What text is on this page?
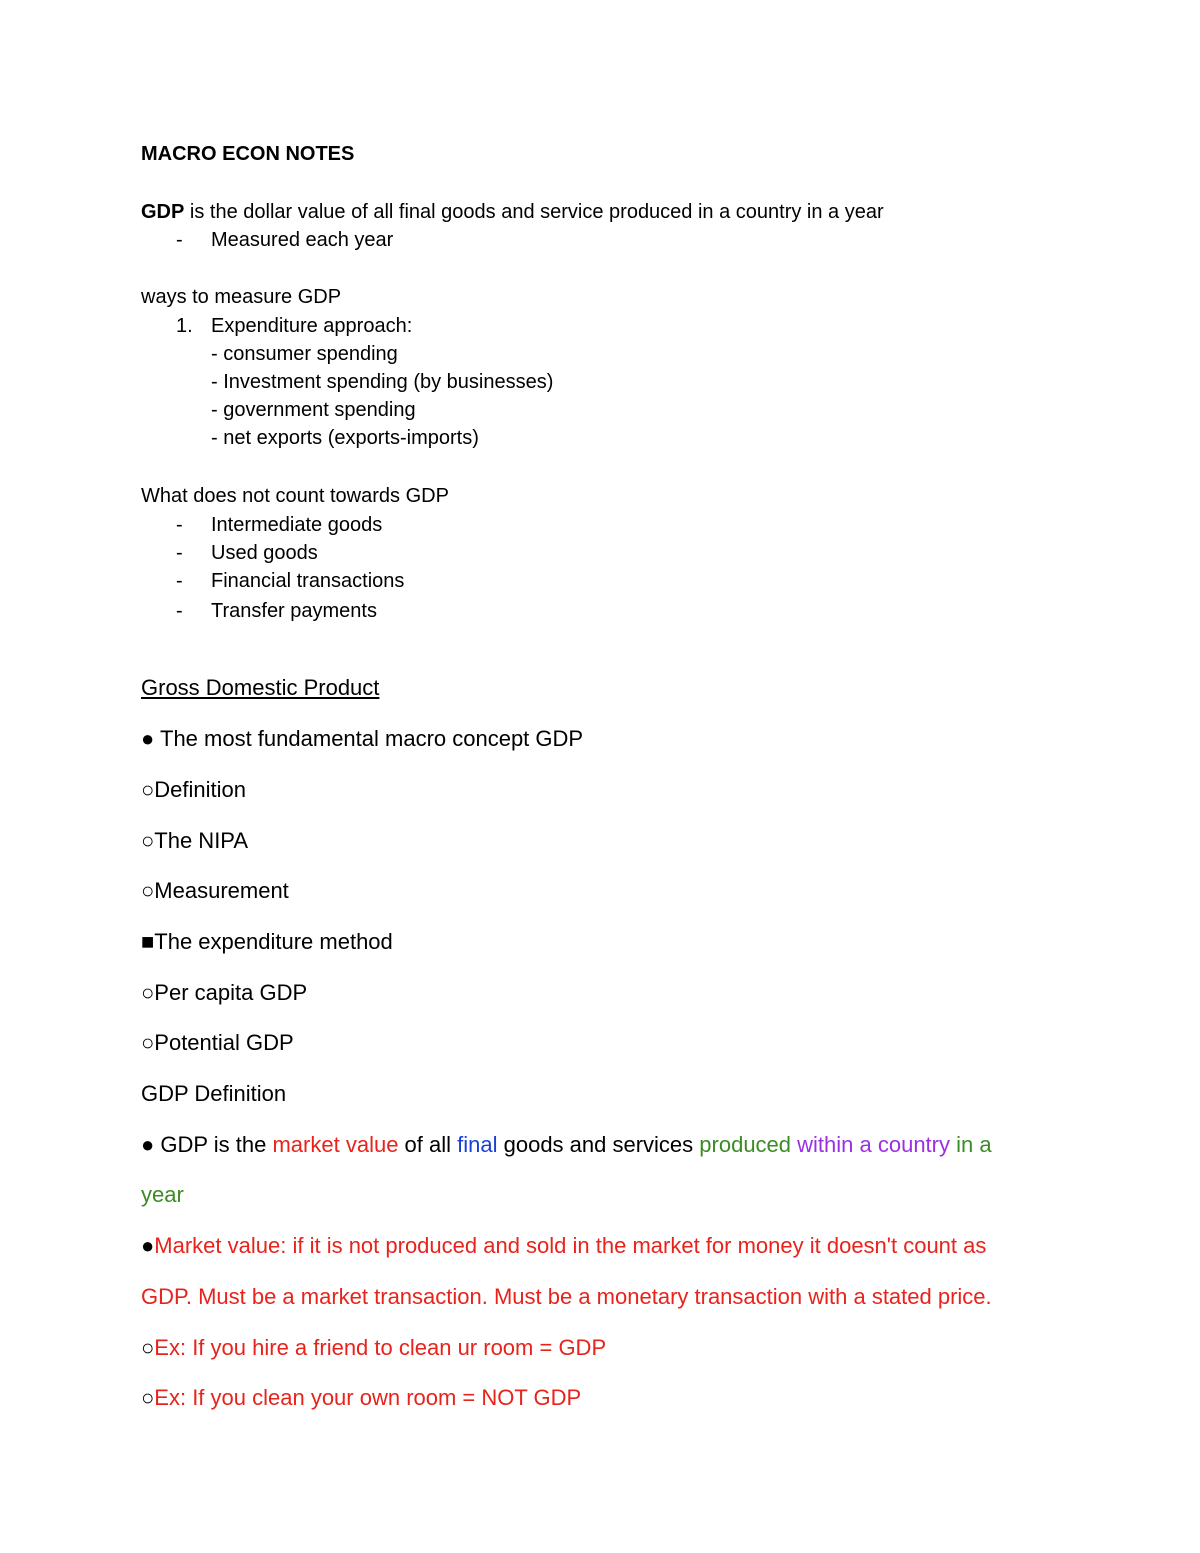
MACRO ECON NOTES
GDP is the dollar value of all final goods and service produced in a country in a year
- Measured each year
ways to measure GDP
1. Expenditure approach:
- consumer spending
- Investment spending (by businesses)
- government spending
- net exports (exports-imports)
What does not count towards GDP
- Intermediate goods
- Used goods
- Financial transactions
- Transfer payments
Gross Domestic Product
● The most fundamental macro concept GDP
○Definition
○The NIPA
○Measurement
■The expenditure method
○Per capita GDP
○Potential GDP
GDP Definition
● GDP is the market value of all final goods and services produced within a country in a
year
●Market value: if it is not produced and sold in the market for money it doesn't count as
GDP. Must be a market transaction. Must be a monetary transaction with a stated price.
○Ex: If you hire a friend to clean ur room = GDP
○Ex: If you clean your own room = NOT GDP
